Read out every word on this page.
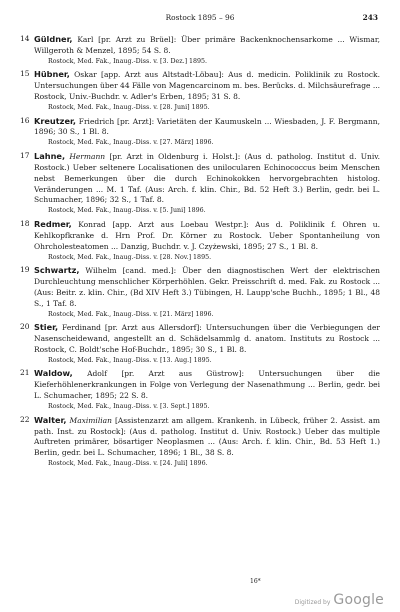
Rostock 1895 – 96	243
14 Güldner, Karl [pr. Arzt zu Brüel]: Über primäre Backenknochensarkome ... Wismar, Willgeroth & Menzel, 1895; 54 S. 8.
Rostock, Med. Fak., Inaug.-Diss. v. [3. Dez.] 1895.
15 Hübner, Oskar [app. Arzt aus Altstadt-Löbau]: Aus d. medicin. Poliklinik zu Rostock. Untersuchungen über 44 Fälle von Magencarcinom m. bes. Berücks. d. Milchsäurefrage ... Rostock, Univ.-Buchdr. v. Adler's Erben, 1895; 31 S. 8.
Rostock, Med. Fak., Inaug.-Diss. v. [28. Juni] 1895.
16 Kreutzer, Friedrich [pr. Arzt]: Varietäten der Kaumuskeln ... Wiesbaden, J. F. Bergmann, 1896; 30 S., 1 Bl. 8.
Rostock, Med. Fak., Inaug.-Diss. v. [27. März] 1896.
17 Lahne, Hermann [pr. Arzt in Oldenburg i. Holst.]: (Aus d. patholog. Institut d. Univ. Rostock.) Ueber seltenere Localisationen des unilocularen Echinococcus beim Menschen nebst Bemerkungen über die durch Echinokokken hervorgebrachten histolog. Veränderungen ... M. 1 Taf. (Aus: Arch. f. klin. Chir., Bd. 52 Heft 3.) Berlin, gedr. bei L. Schumacher, 1896; 32 S., 1 Taf. 8.
Rostock, Med. Fak., Inaug.-Diss. v. [5. Juni] 1896.
18 Redmer, Konrad [app. Arzt aus Loebau Westpr.]: Aus d. Poliklinik f. Ohren u. Kehlkopfkranke d. Hrn Prof. Dr. Körner zu Rostock. Ueber Spontanheilung von Ohrcholesteatomen ... Danzig, Buchdr. v. J. Czyżewski, 1895; 27 S., 1 Bl. 8.
Rostock, Med. Fak., Inaug.-Diss. v. [28. Nov.] 1895.
19 Schwartz, Wilhelm [cand. med.]: Über den diagnostischen Wert der elektrischen Durchleuchtung menschlicher Körperhöhlen. Gekr. Preisschrift d. med. Fak. zu Rostock ... (Aus: Beitr. z. klin. Chir., (Bd XIV Heft 3.) Tübingen, H. Laupp'sche Buchh., 1895; 1 Bl., 48 S., 1 Taf. 8.
Rostock, Med. Fak., Inaug.-Diss. v. [21. März] 1896.
20 Stier, Ferdinand [pr. Arzt aus Allersdorf]: Untersuchungen über die Verbiegungen der Nasenscheidewand, angestellt an d. Schädelsammlg d. anatom. Instituts zu Rostock ... Rostock, C. Boldt'sche Hof-Buchdr., 1895; 30 S., 1 Bl. 8.
Rostock, Med. Fak., Inaug.-Diss. v. [13. Aug.] 1895.
21 Waldow, Adolf [pr. Arzt aus Güstrow]: Untersuchungen über die Kieferhöhlenerkrankungen in Folge von Verlegung der Nasenathmung ... Berlin, gedr. bei L. Schumacher, 1895; 22 S. 8.
Rostock, Med. Fak., Inaug.-Diss. v. [3. Sept.] 1895.
22 Walter, Maximilian [Assistenzarzt am allgem. Krankenh. in Lübeck, früher 2. Assist. am path. Inst. zu Rostock]: (Aus d. patholog. Institut d. Univ. Rostock.) Ueber das multiple Auftreten primärer, bösartiger Neoplasmen ... (Aus: Arch. f. klin. Chir., Bd. 53 Heft 1.) Berlin, gedr. bei L. Schumacher, 1896; 1 Bl., 38 S. 8.
Rostock, Med. Fak., Inaug.-Diss. v. [24. Juli] 1896.
16*
Digitized by Google
